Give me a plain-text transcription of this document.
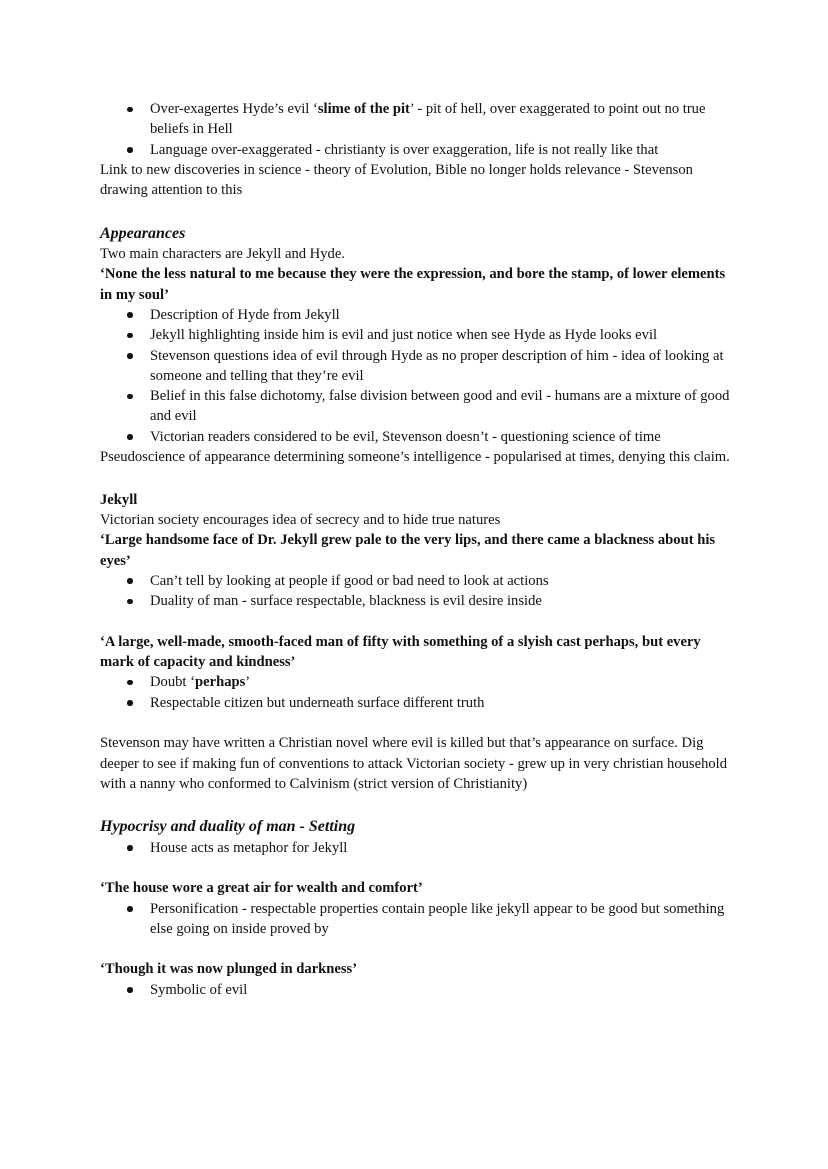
Over-exagertes Hyde’s evil ‘slime of the pit’ - pit of hell, over exaggerated to point out no true beliefs in Hell
Language over-exaggerated - christianty is over exaggeration, life is not really like that

Link to new discoveries in science - theory of Evolution, Bible no longer holds relevance - Stevenson drawing attention to this

Appearances

Two main characters are Jekyll and Hyde.

‘None the less natural to me because they were the expression, and bore the stamp, of lower elements in my soul’

Description of Hyde from Jekyll
Jekyll highlighting inside him is evil and just notice when see Hyde as Hyde looks evil
Stevenson questions idea of evil through Hyde as no proper description of him - idea of looking at someone and telling that they’re evil
Belief in this false dichotomy, false division between good and evil - humans are a mixture of good and evil
Victorian readers considered to be evil, Stevenson doesn’t - questioning science of time

Pseudoscience of appearance determining someone’s intelligence - popularised at times, denying this claim.

Jekyll

Victorian society encourages idea of secrecy and to hide true natures

‘Large handsome face of Dr. Jekyll grew pale to the very lips, and there came a blackness about his eyes’

Can’t tell by looking at people if good or bad need to look at actions
Duality of man - surface respectable, blackness is evil desire inside

‘A large, well-made, smooth-faced man of fifty with something of a slyish cast perhaps, but every mark of capacity and kindness’

Doubt ‘perhaps’
Respectable citizen but underneath surface different truth

Stevenson may have written a Christian novel where evil is killed but that’s appearance on surface. Dig deeper to see if making fun of conventions to attack Victorian society - grew up in very christian household with a nanny who conformed to Calvinism (strict version of Christianity)

Hypocrisy and duality of man - Setting

House acts as metaphor for Jekyll

‘The house wore a great air for wealth and comfort’

Personification - respectable properties contain people like jekyll appear to be good but something else going on inside proved by

‘Though it was now plunged in darkness’

Symbolic of evil
